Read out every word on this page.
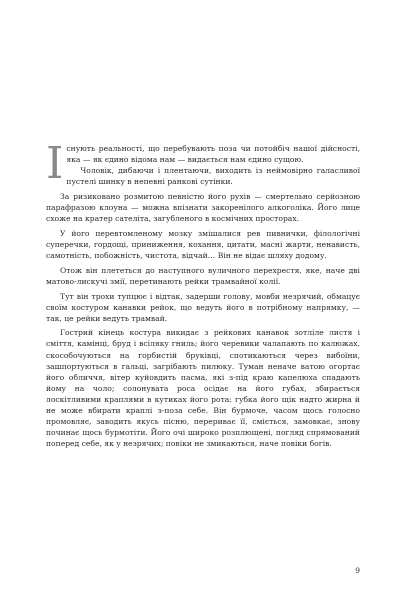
Існують реальності, що перебувають поза чи потойбіч нашої дійсності, яка — як єдино відома нам — видається нам єдино сущою.

Чоловік, дибаючи і плентаючи, виходить із неймовірно галасливої пустелі шинку в непевні ранкові сутінки.

За ризиковано розмитою певністю його рухів — смертельно серйозною парафразою клоуна — можна впізнати закоренілого алкоголіка. Його лице схоже на кратер сателіта, загубленого в космічних просторах.

У його перевтомленому мозку змішалися рев пивнички, філологічні суперечки, гордощі, приниження, кохання, цитати, масні жарти, ненависть, самотність, побожність, чистота, відчай… Він не відає шляху додому.

Отож він плететься до наступного вуличного перехрестя, яке, наче дві матово-лискучі змії, перетинають рейки трамвайної колії.

Тут він трохи тупцює і відтак, задерши голову, мовби незрячий, обмацує своїм костуром канавки рейок, що ведуть його в потрібному напрямку, — так, це рейки ведуть трамвай.

Гострий кінець костура викидає з рейкових канавок зотліле листя і сміття, камінці, бруд і всіляку гниль; його черевики чалапають по калюжах, скособочуються на горбистій бруківці, спотикаються через вибоїни, зашпортуються в гальці, загрібають пилюку. Туман неначе ватою огортає його обличчя, вітер куйовдить пасма, які з-під краю капелюха спадають йому на чоло; солонувата роса осідає на його губах, збирається лоскітливими краплями в кутиках його рота: губка його щік надто жирна й не може вбирати краплі з-поза себе. Він бурмоче, часом щось голосно промовляє, заводить якусь пісню, перериває її, сміється, замовкає, знову починає щось бурмотіти. Його очі широко розплющені, погляд спрямований поперед себе, як у незрячих; повіки не змикаються, наче повіки богів.

9
